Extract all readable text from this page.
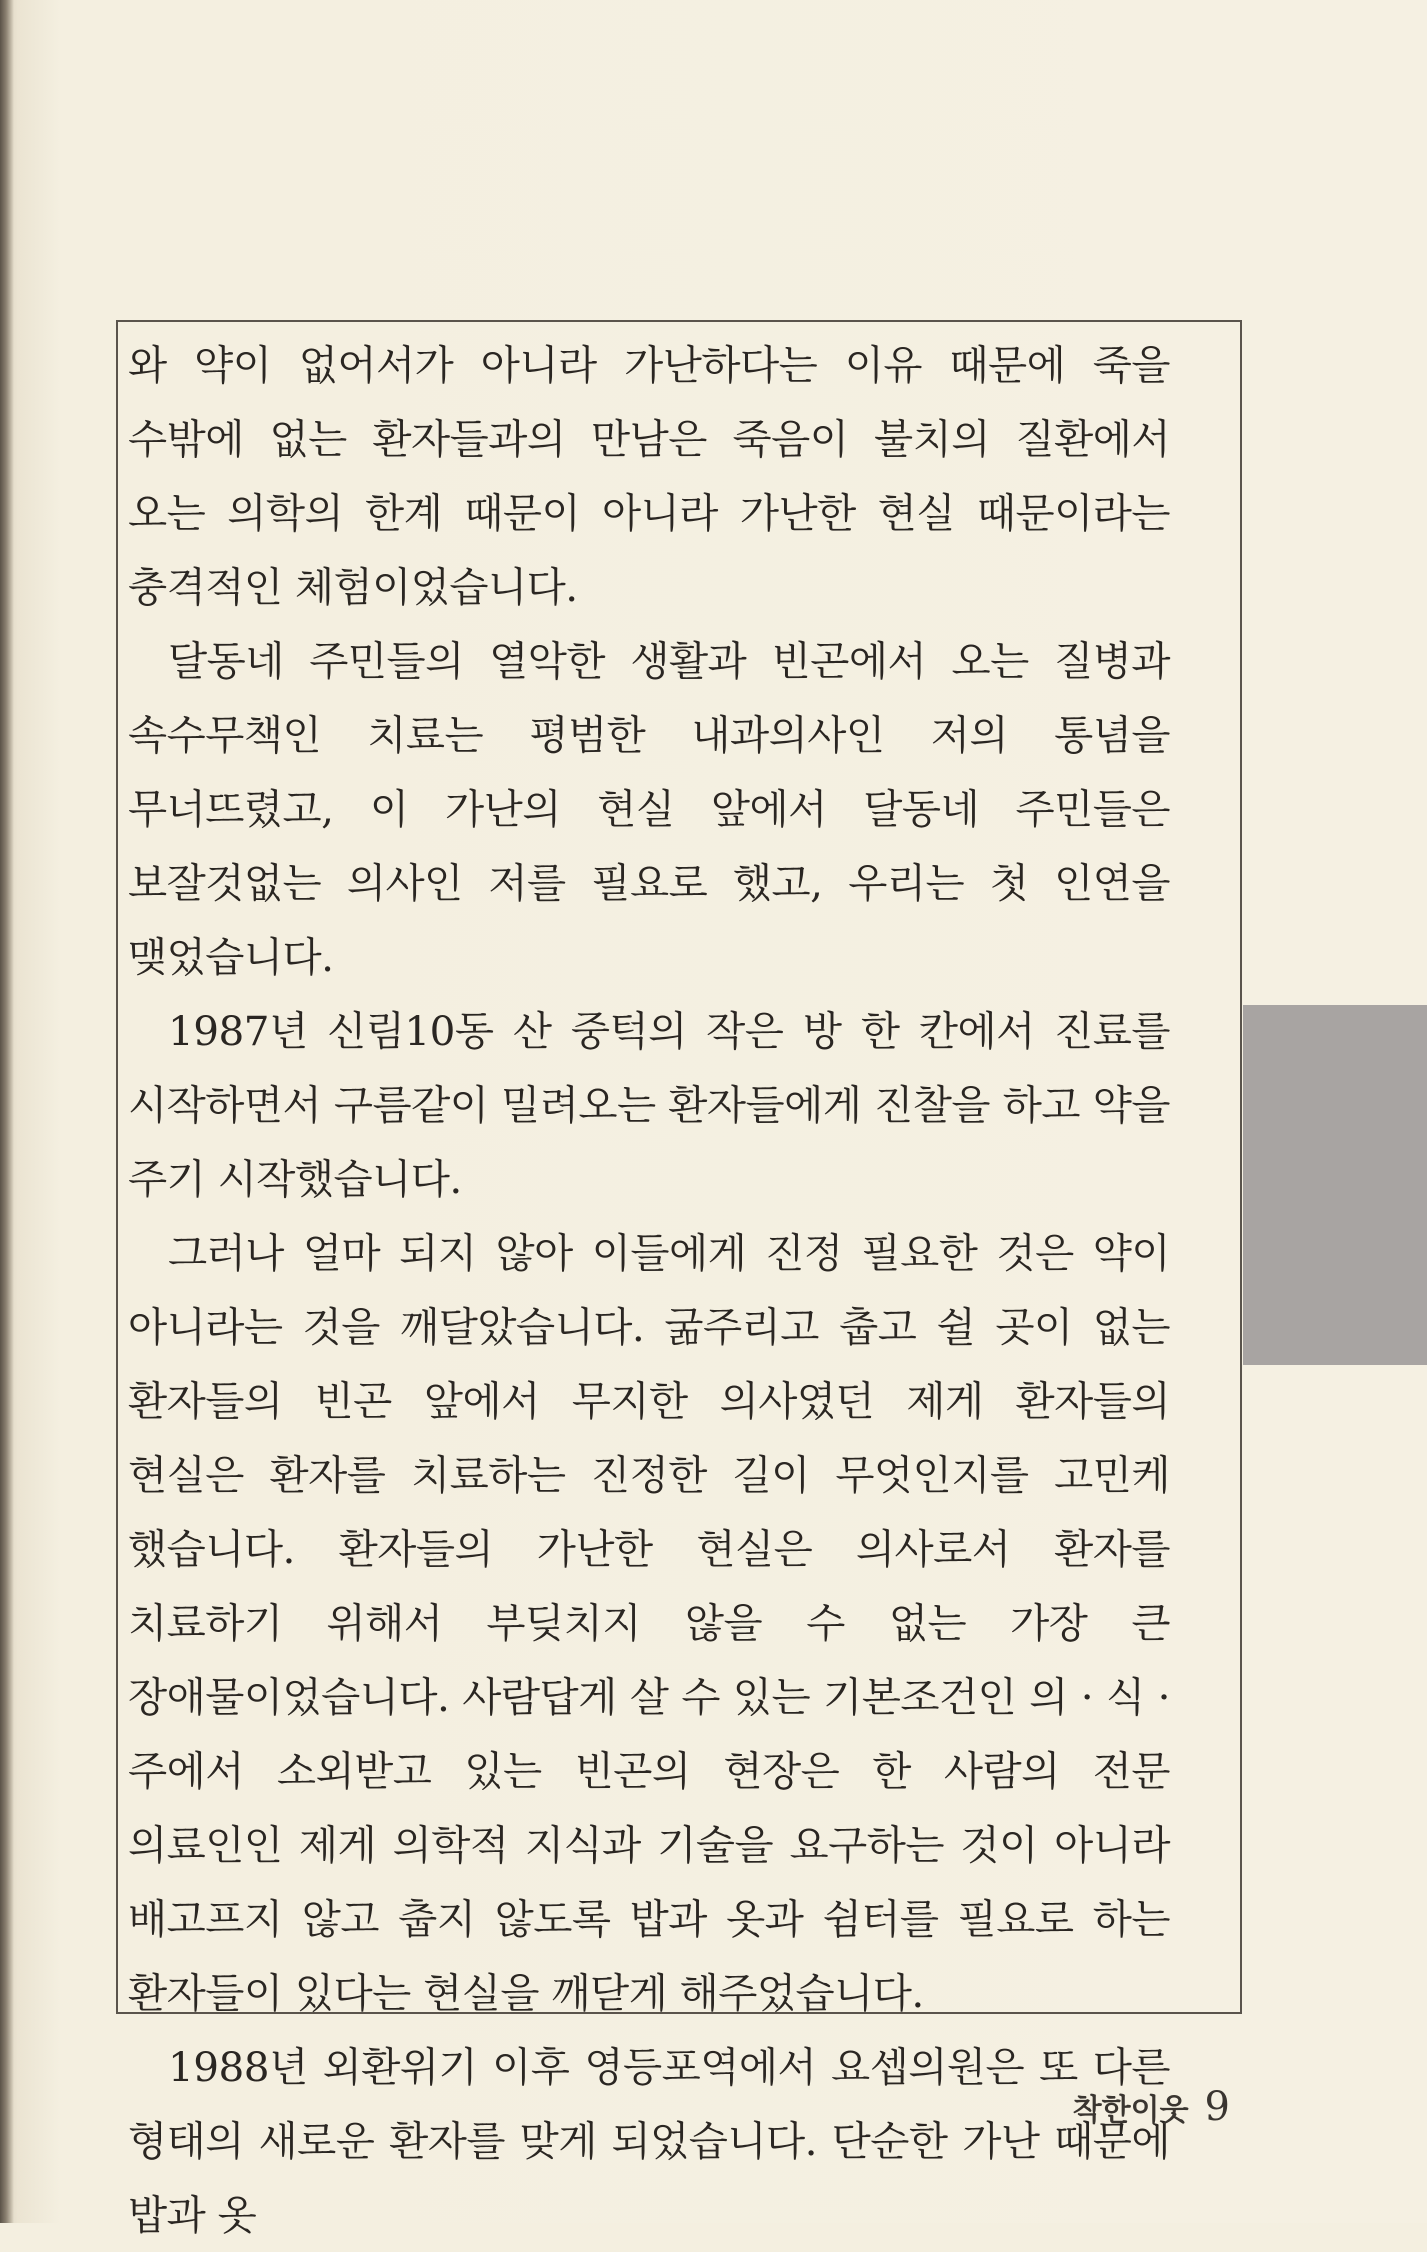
와 약이 없어서가 아니라 가난하다는 이유 때문에 죽을 수밖에 없는 환자들과의 만남은 죽음이 불치의 질환에서 오는 의학의 한계 때문이 아니라 가난한 현실 때문이라는 충격적인 체험이었습니다.

달동네 주민들의 열악한 생활과 빈곤에서 오는 질병과 속수무책인 치료는 평범한 내과의사인 저의 통념을 무너뜨렸고, 이 가난의 현실 앞에서 달동네 주민들은 보잘것없는 의사인 저를 필요로 했고, 우리는 첫 인연을 맺었습니다.

1987년 신림10동 산 중턱의 작은 방 한 칸에서 진료를 시작하면서 구름같이 밀려오는 환자들에게 진찰을 하고 약을 주기 시작했습니다.

그러나 얼마 되지 않아 이들에게 진정 필요한 것은 약이 아니라는 것을 깨달았습니다. 굶주리고 춥고 쉴 곳이 없는 환자들의 빈곤 앞에서 무지한 의사였던 제게 환자들의 현실은 환자를 치료하는 진정한 길이 무엇인지를 고민케 했습니다. 환자들의 가난한 현실은 의사로서 환자를 치료하기 위해서 부딪치지 않을 수 없는 가장 큰 장애물이었습니다. 사람답게 살 수 있는 기본조건인 의 · 식 · 주에서 소외받고 있는 빈곤의 현장은 한 사람의 전문 의료인인 제게 의학적 지식과 기술을 요구하는 것이 아니라 배고프지 않고 춥지 않도록 밥과 옷과 쉼터를 필요로 하는 환자들이 있다는 현실을 깨닫게 해주었습니다.

1988년 외환위기 이후 영등포역에서 요셉의원은 또 다른 형태의 새로운 환자를 맞게 되었습니다. 단순한 가난 때문에 밥과 옷

착한이웃 9
